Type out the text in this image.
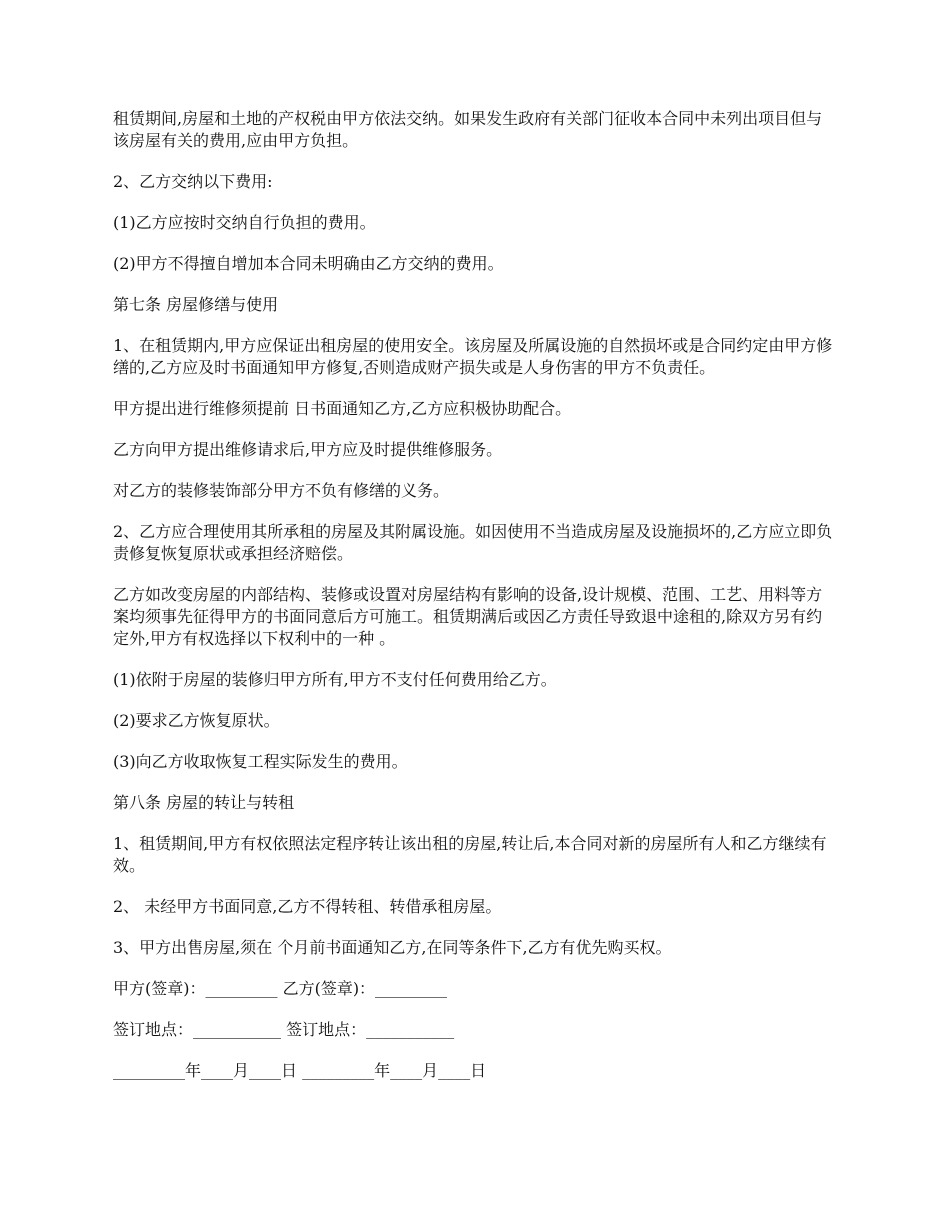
租赁期间,房屋和土地的产权税由甲方依法交纳。如果发生政府有关部门征收本合同中未列出项目但与该房屋有关的费用,应由甲方负担。

2、乙方交纳以下费用:

(1)乙方应按时交纳自行负担的费用。

(2)甲方不得擅自增加本合同未明确由乙方交纳的费用。

第七条 房屋修缮与使用

1、在租赁期内,甲方应保证出租房屋的使用安全。该房屋及所属设施的自然损坏或是合同约定由甲方修缮的,乙方应及时书面通知甲方修复,否则造成财产损失或是人身伤害的甲方不负责任。

甲方提出进行维修须提前 日书面通知乙方,乙方应积极协助配合。

乙方向甲方提出维修请求后,甲方应及时提供维修服务。

对乙方的装修装饰部分甲方不负有修缮的义务。

2、乙方应合理使用其所承租的房屋及其附属设施。如因使用不当造成房屋及设施损坏的,乙方应立即负责修复恢复原状或承担经济赔偿。

乙方如改变房屋的内部结构、装修或设置对房屋结构有影响的设备,设计规模、范围、工艺、用料等方案均须事先征得甲方的书面同意后方可施工。租赁期满后或因乙方责任导致退中途租的,除双方另有约定外,甲方有权选择以下权利中的一种 。

(1)依附于房屋的装修归甲方所有,甲方不支付任何费用给乙方。

(2)要求乙方恢复原状。

(3)向乙方收取恢复工程实际发生的费用。

第八条 房屋的转让与转租

1、租赁期间,甲方有权依照法定程序转让该出租的房屋,转让后,本合同对新的房屋所有人和乙方继续有效。

2、 未经甲方书面同意,乙方不得转租、转借承租房屋。

3、甲方出售房屋,须在 个月前书面通知乙方,在同等条件下,乙方有优先购买权。

甲方(签章)：_________ 乙方(签章)：_________

签订地点：___________ 签订地点：___________

_________年____月____日 _________年____月____日
